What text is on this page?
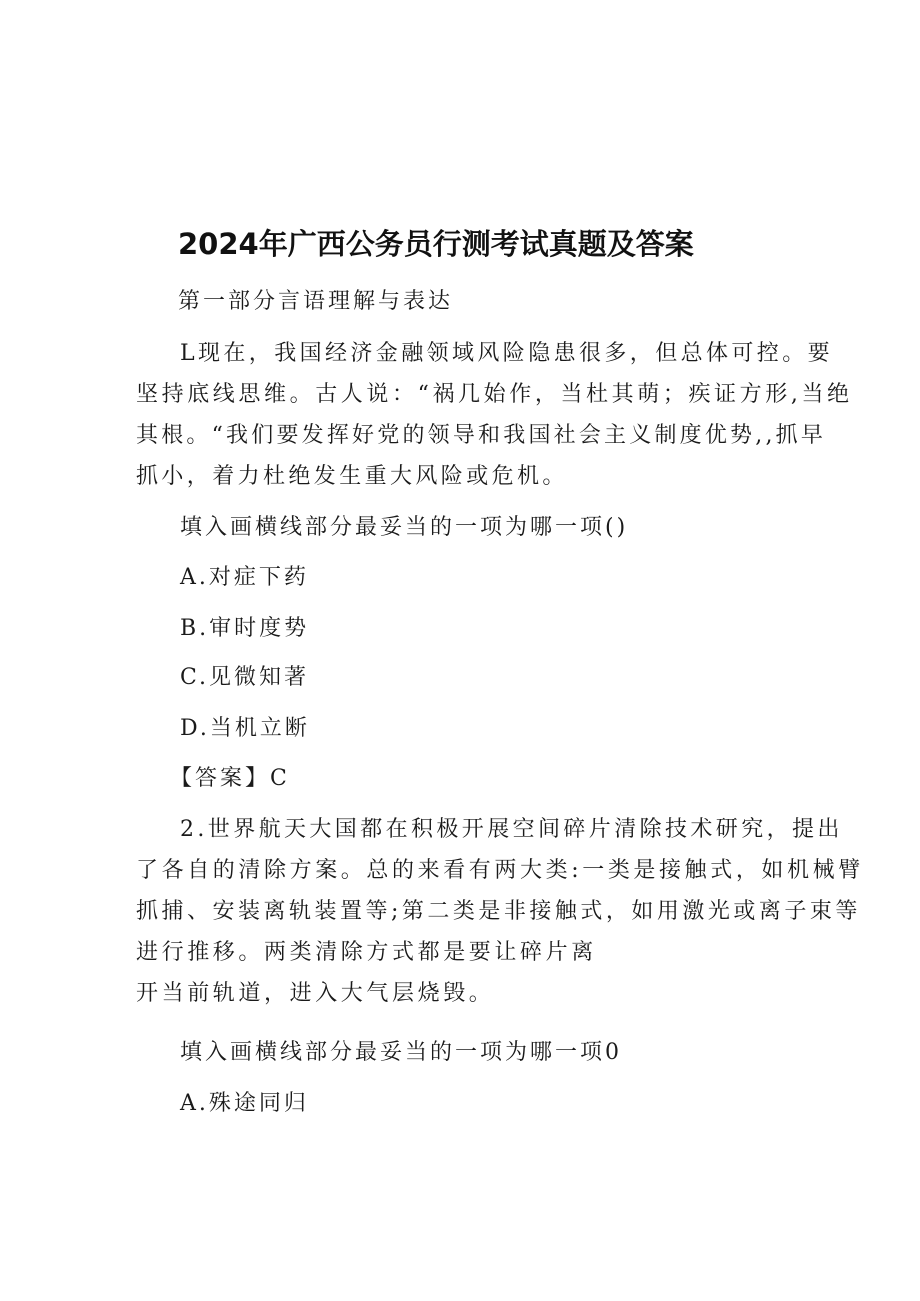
2024年广西公务员行测考试真题及答案
第一部分言语理解与表达
L现在，我国经济金融领域风险隐患很多，但总体可控。要
坚持底线思维。古人说：“祸几始作，当杜其萌；疾证方形,当绝
其根。“我们要发挥好党的领导和我国社会主义制度优势,,抓早
抓小，着力杜绝发生重大风险或危机。
填入画横线部分最妥当的一项为哪一项()
A.对症下药
B.审时度势
C.见微知著
D.当机立断
【答案】C
2.世界航天大国都在积极开展空间碎片清除技术研究，提出
了各自的清除方案。总的来看有两大类:一类是接触式，如机械臂
抓捕、安装离轨装置等;第二类是非接触式，如用激光或离子束等
进行推移。两类清除方式都是要让碎片离
开当前轨道，进入大气层烧毁。
填入画横线部分最妥当的一项为哪一项0
A.殊途同归
